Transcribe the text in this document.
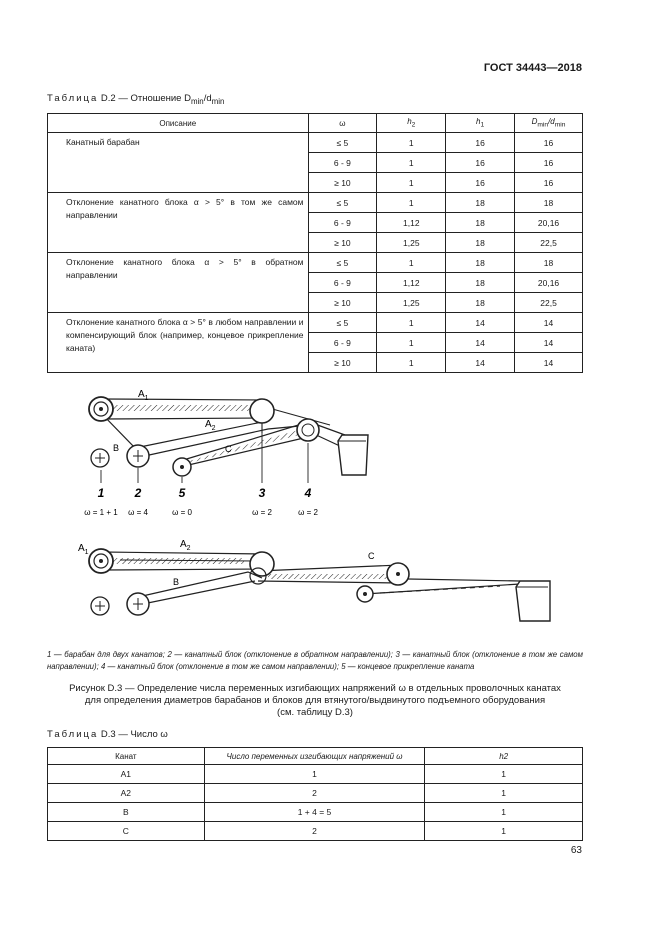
ГОСТ 34443—2018
Таблица D.2 — Отношение $D_{min}/d_{min}$
Описание	ω	$h_2$	$h_1$	$D_{min}/d_{min}$
Канатный барабан	≤ 5	1	16	16
	6 - 9	1	16	16
	≥ 10	1	16	16
Отклонение канатного блока α > 5° в том же самом направлении	≤ 5	1	18	18
	6 - 9	1,12	18	20,16
	≥ 10	1,25	18	22,5
Отклонение канатного блока α > 5° в обратном направлении	≤ 5	1	18	18
	6 - 9	1,12	18	20,16
	≥ 10	1,25	18	22,5
Отклонение канатного блока α > 5° в любом направлении и компенсирующий блок (например, концевое прикрепление каната)	≤ 5	1	14	14
	6 - 9	1	14	14
	≥ 10	1	14	14
$A_1$
$A_2$
B	C
1	2	5	3	4
ω = 1 + 1 ω = 4	ω = 0	ω = 2	ω = 2
$A_1$
$A_2$
B
C
1 — барабан для двух канатов; 2 — канатный блок (отклонение в обратном направлении); 3 — канатный блок (отклонение в том же самом направлении); 4 — канатный блок (отклонение в том же самом направлении); 5 — концевое прикрепление каната
Рисунок D.3 — Определение числа переменных изгибающих напряжений ω в отдельных проволочных канатах
для определения диаметров барабанов и блоков для втянутого/выдвинутого подъемного оборудования
(см. таблицу D.3)
Таблица D.3 — Число ω
Канат	Число переменных изгибающих напряжений ω	h2
A1	1	1
A2	2	1
B	1 + 4 = 5	1
C	2	1
63
